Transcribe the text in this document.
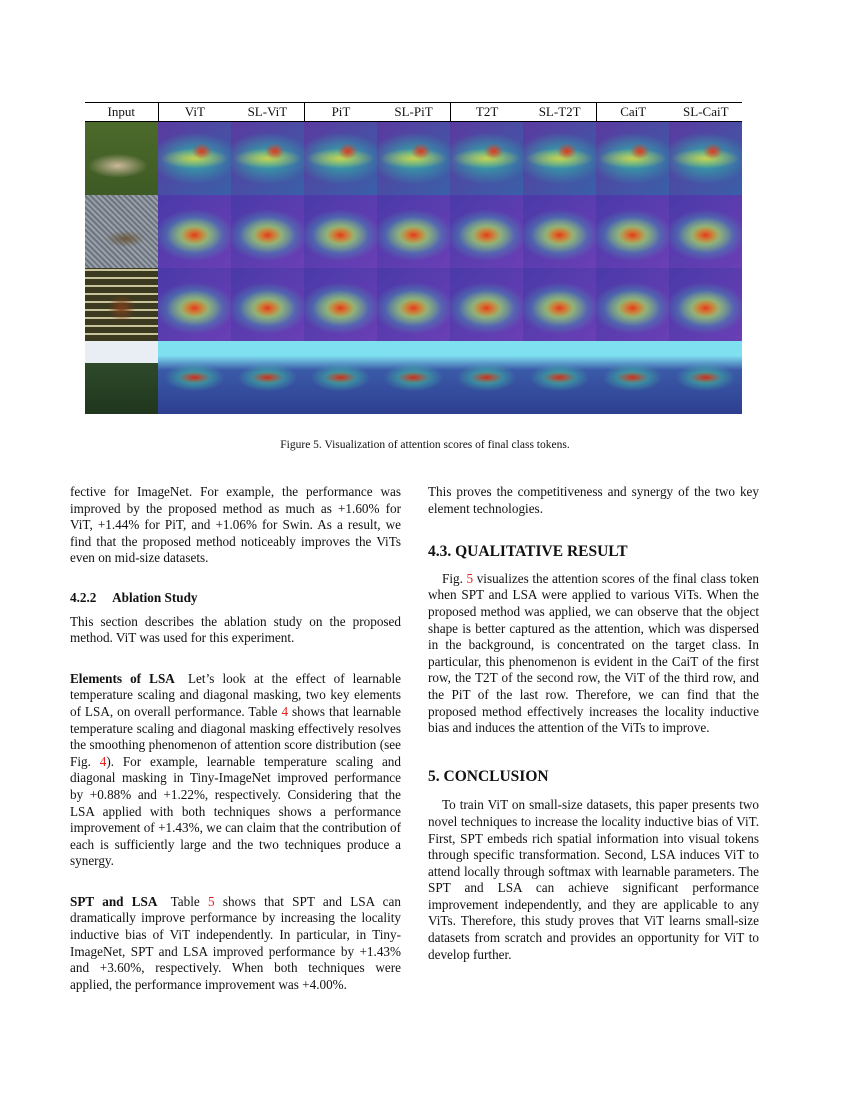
Input	ViT	SL-ViT	PiT	SL-PiT	T2T	SL-T2T	CaiT	SL-CaiT
Figure 5. Visualization of attention scores of final class tokens.

fective for ImageNet. For example, the performance was improved by the proposed method as much as +1.60% for ViT, +1.44% for PiT, and +1.06% for Swin. As a result, we find that the proposed method noticeably improves the ViTs even on mid-size datasets.

4.2.2  Ablation Study

This section describes the ablation study on the proposed method. ViT was used for this experiment.

Elements of LSA Let’s look at the effect of learnable temperature scaling and diagonal masking, two key elements of LSA, on overall performance. Table 4 shows that learnable temperature scaling and diagonal masking effectively resolves the smoothing phenomenon of attention score distribution (see Fig. 4). For example, learnable temperature scaling and diagonal masking in Tiny-ImageNet improved performance by +0.88% and +1.22%, respectively. Considering that the LSA applied with both techniques shows a performance improvement of +1.43%, we can claim that the contribution of each is sufficiently large and the two techniques produce a synergy.

SPT and LSA Table 5 shows that SPT and LSA can dramatically improve performance by increasing the locality inductive bias of ViT independently. In particular, in Tiny-ImageNet, SPT and LSA improved performance by +1.43% and +3.60%, respectively. When both techniques were applied, the performance improvement was +4.00%.

This proves the competitiveness and synergy of the two key element technologies.

4.3. QUALITATIVE RESULT

Fig. 5 visualizes the attention scores of the final class token when SPT and LSA were applied to various ViTs. When the proposed method was applied, we can observe that the object shape is better captured as the attention, which was dispersed in the background, is concentrated on the target class. In particular, this phenomenon is evident in the CaiT of the first row, the T2T of the second row, the ViT of the third row, and the PiT of the last row. Therefore, we can find that the proposed method effectively increases the locality inductive bias and induces the attention of the ViTs to improve.

5. CONCLUSION

To train ViT on small-size datasets, this paper presents two novel techniques to increase the locality inductive bias of ViT. First, SPT embeds rich spatial information into visual tokens through specific transformation. Second, LSA induces ViT to attend locally through softmax with learnable parameters. The SPT and LSA can achieve significant performance improvement independently, and they are applicable to any ViTs. Therefore, this study proves that ViT learns small-size datasets from scratch and provides an opportunity for ViT to develop further.
